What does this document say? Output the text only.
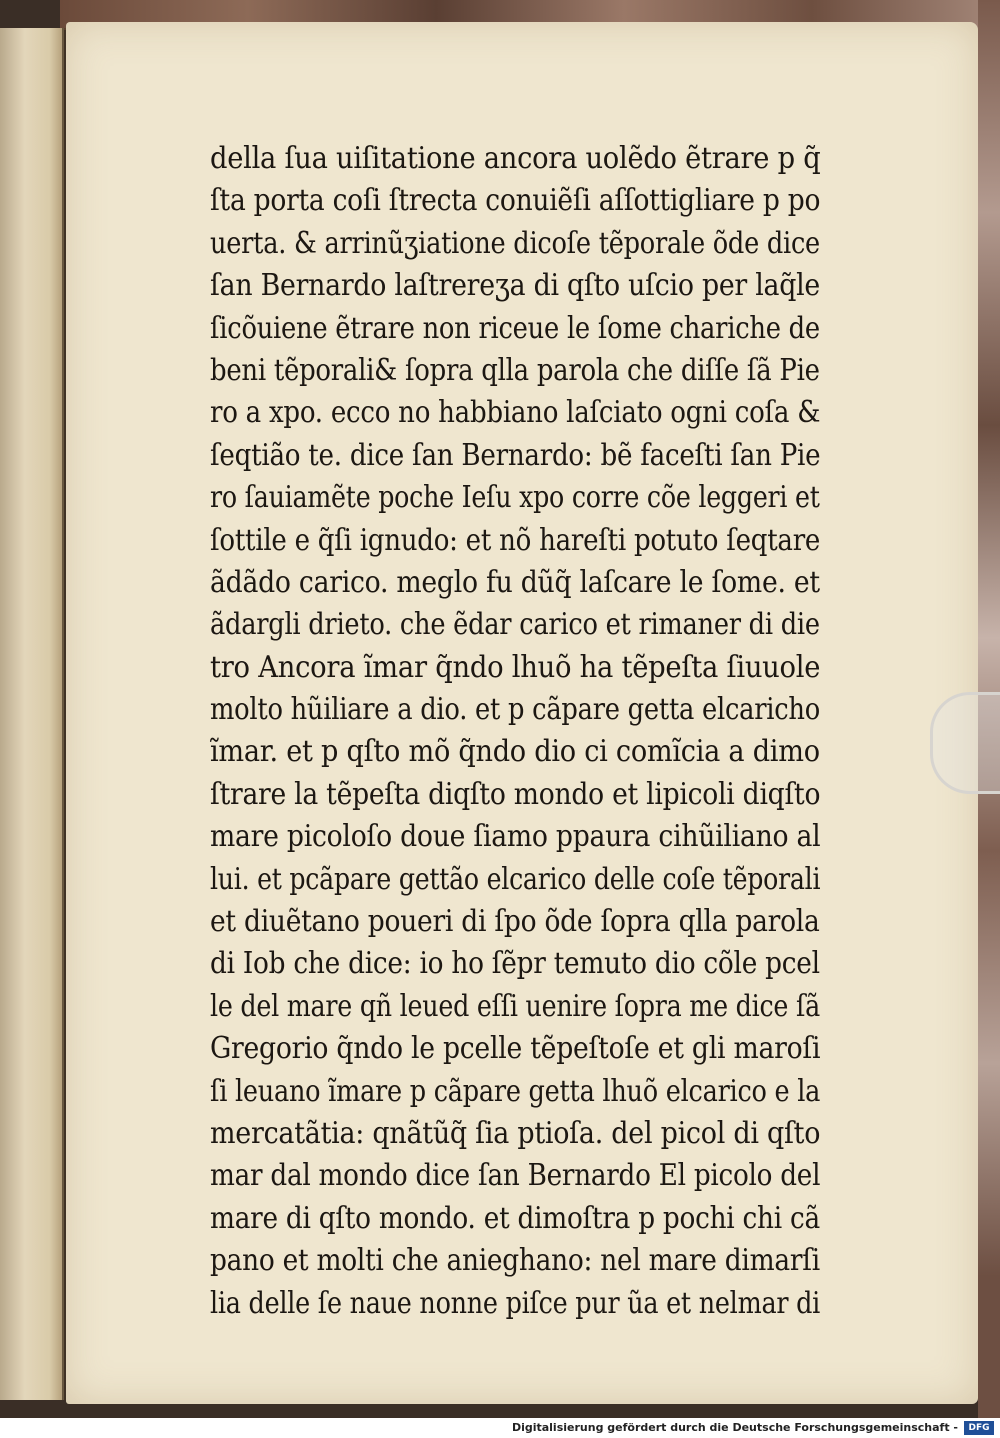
della ſua uiſitatione ancora uolẽdo ẽtrare p q̃
ſta porta coſi ſtrecta conuiẽſi aſſottigliare p po
uerta. & arrinũʒiatione dicoſe tẽporale õde dice
ſan Bernardo laſtrereʒa di qſto uſcio per laq̃le
ſicõuiene ẽtrare non riceue le ſome chariche de
beni tẽporali& ſopra qlla parola che diſſe ſã Pie
ro a xpo. ecco no habbiano laſciato ogni coſa &
ſeqtião te. dice ſan Bernardo: bẽ faceſti ſan Pie
ro ſauiamẽte poche Ieſu xpo corre cõe leggeri et
ſottile e q̃ſi ignudo: et nõ hareſti potuto ſeqtare
ãdãdo carico. meglo fu dũq̃ laſcare le ſome. et
ãdargli drieto. che ẽdar carico et rimaner di die
tro Ancora ĩmar q̃ndo lhuõ ha tẽpeſta ſiuuole
molto hũiliare a dio. et p cãpare getta elcaricho
ĩmar. et p qſto mõ q̃ndo dio ci comĩcia a dimo
ſtrare la tẽpeſta diqſto mondo et lipicoli diqſto
mare picoloſo doue ſiamo ppaura cihũiliano al
lui. et pcãpare gettão elcarico delle coſe tẽporali
et diuẽtano poueri di ſpo õde ſopra qlla parola
di Iob che dice: io ho ſẽpr temuto dio cõle pcel
le del mare qñ leued eſſi uenire ſopra me dice ſã
Gregorio q̃ndo le pcelle tẽpeſtoſe et gli maroſi
ſi leuano ĩmare p cãpare getta lhuõ elcarico e la
mercatãtia: qnãtũq̃ ſia ptioſa. del picol di qſto
mar dal mondo dice ſan Bernardo El picolo del
mare di qſto mondo. et dimoſtra p pochi chi cã
pano et molti che anieghano: nel mare dimarſi
lia delle ſe naue nonne piſce pur ũa et nelmar di
Digitalisierung gefördert durch die Deutsche Forschungsgemeinschaft -	DFG
